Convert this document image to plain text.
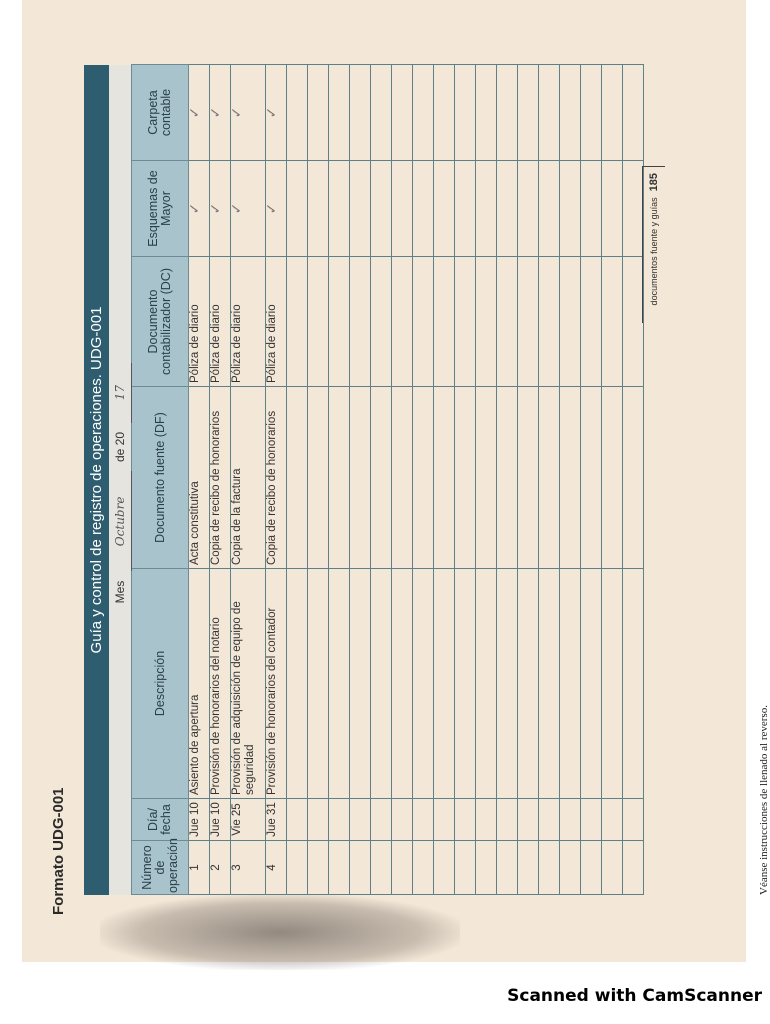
Formato UDG-001
Guía y control de registro de operaciones. UDG-001 Mes Octubre de 20 17
Número de operación	Día/ fecha	Descripción	Documento fuente (DF)	Documento contabilizador (DC)	Esquemas de Mayor	Carpeta contable
1	Jue 10	Asiento de apertura	Acta constitutiva	Póliza de diario	✓	✓
2	Jue 10	Provisión de honorarios del notario	Copia de recibo de honorarios	Póliza de diario	✓	✓
3	Vie 25	Provisión de adquisición de equipo de seguridad	Copia de la factura	Póliza de diario	✓	✓
4	Jue 31	Provisión de honorarios del contador	Copia de recibo de honorarios	Póliza de diario	✓	✓

Véanse instrucciones de llenado al reverso.
documentos fuente y guías185
Scanned with CamScanner
